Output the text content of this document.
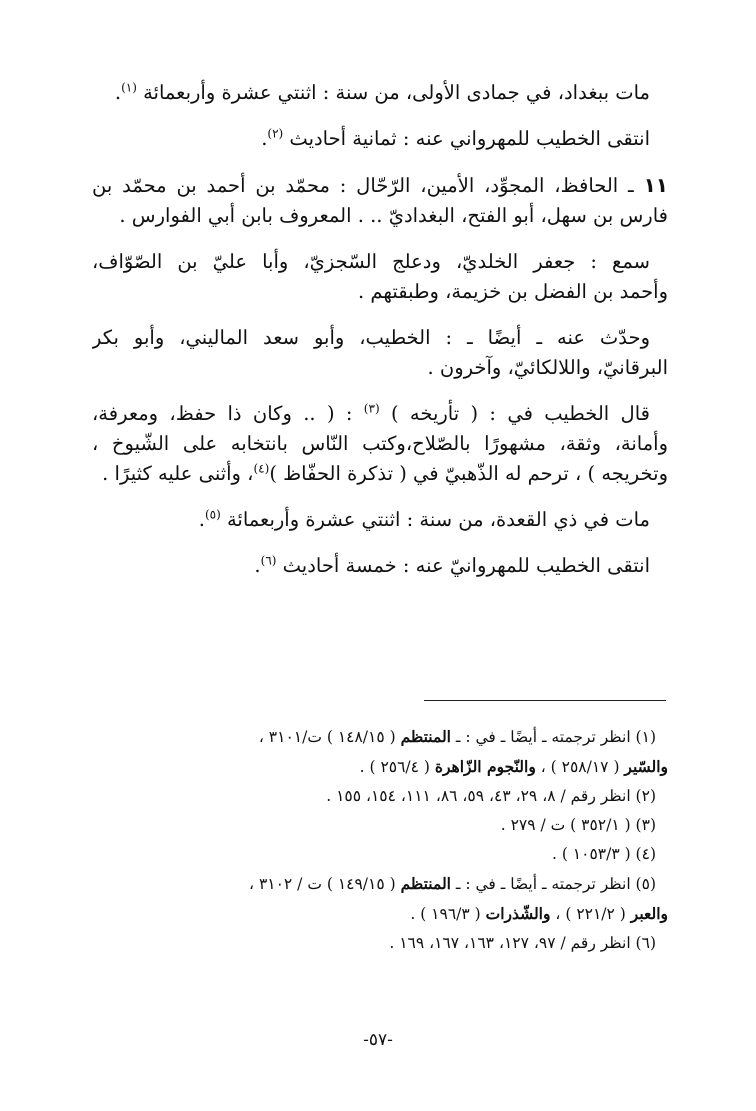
مات ببغداد، في جمادى الأولى، من سنة : اثنتي عشرة وأربعمائة $^{(١)}$.

انتقى الخطيب للمهرواني عنه : ثمانية أحاديث $^{(٢)}$.

١١ ـ الحافظ، المجوِّد، الأمين، الرّحّال : محمّد بن أحمد بن محمّد بن

فارس بن سهل، أبو الفتح، البغداديّ .. . المعروف بابن أبي الفوارس .

سمع : جعفر الخلديّ، ودعلج السّجزيّ، وأبا عليّ بن الصّوّاف،

وأحمد بن الفضل بن خزيمة، وطبقتهم .

وحدّث عنه ـ أيضًا ـ : الخطيب، وأبو سعد الماليني، وأبو بكر

البرقانيّ، واللالكائيّ، وآخرون .

قال الخطيب في : ( تأريخه ) $^{(٣)}$ : ( .. وكان ذا حفظ، ومعرفة،

وأمانة، وثقة، مشهورًا بالصّلاح،وكتب النّاس بانتخابه على الشّيوخ ،

وتخريجه ) ، ترحم له الذّهبيّ في ( تذكرة الحفّاظ )$^{(٤)}$، وأثنى عليه كثيرًا .

مات في ذي القعدة، من سنة : اثنتي عشرة وأربعمائة $^{(٥)}$.

انتقى الخطيب للمهروانيّ عنه : خمسة أحاديث $^{(٦)}$.

(١) انظر ترجمته ـ أيضًا ـ في : ـ المنتظم ( ١٤٨/١٥ ) ت/٣١٠١ ،

والسّير ( ٢٥٨/١٧ ) ، والنّجوم الزّاهرة ( ٢٥٦/٤ ) .

(٢) انظر رقم / ٨، ٢٩، ٤٣، ٥٩، ٨٦، ١١١، ١٥٤، ١٥٥ .

(٣) ( ٣٥٢/١ ) ت / ٢٧٩ .

(٤) ( ١٠٥٣/٣ ) .

(٥) انظر ترجمته ـ أيضًا ـ في : ـ المنتظم ( ١٤٩/١٥ ) ت / ٣١٠٢ ،

والعبر ( ٢٢١/٢ ) ، والشّذرات ( ١٩٦/٣ ) .

(٦) انظر رقم / ٩٧، ١٢٧، ١٦٣، ١٦٧، ١٦٩ .

-٥٧-
